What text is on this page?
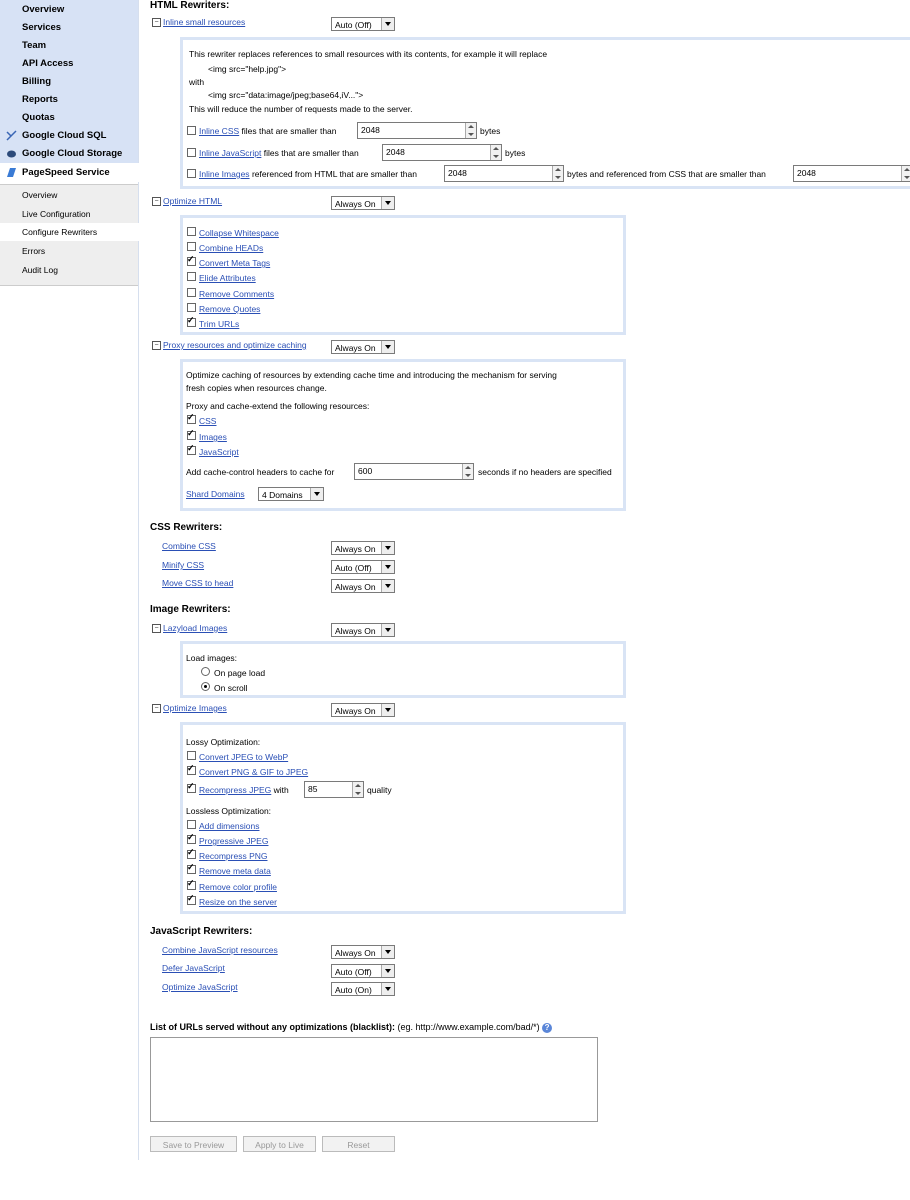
Overview
Services
Team
API Access
Billing
Reports
Quotas
Google Cloud SQL
Google Cloud Storage
PageSpeed Service
Overview
Live Configuration
Configure Rewriters
Errors
Audit Log
HTML Rewriters:
− Inline small resources	Auto (Off)
This rewriter replaces references to small resources with its contents, for example it will replace
<img src="help.jpg">
with
<img src="data:image/jpeg;base64,iV...">
This will reduce the number of requests made to the server.
Inline CSS files that are smaller than	2048	bytes
Inline JavaScript files that are smaller than	2048	bytes
Inline Images referenced from HTML that are smaller than	2048	bytes and referenced from CSS that are smaller than	2048
− Optimize HTML	Always On
Collapse Whitespace
Combine HEADs
✓
Convert Meta Tags
Elide Attributes
Remove Comments
Remove Quotes
✓
Trim URLs
− Proxy resources and optimize caching	Always On
Optimize caching of resources by extending cache time and introducing the mechanism for serving
fresh copies when resources change.
Proxy and cache-extend the following resources:
✓
CSS
✓
Images
✓
JavaScript
Add cache-control headers to cache for	600	seconds if no headers are specified
Shard Domains	4 Domains
CSS Rewriters:
Combine CSS	Always On
Minify CSS	Auto (Off)
Move CSS to head	Always On
Image Rewriters:
− Lazyload Images	Always On
Load images:
On page load
On scroll
− Optimize Images	Always On
Lossy Optimization:
Convert JPEG to WebP
✓
Convert PNG & GIF to JPEG
✓
Recompress JPEG with	85	quality
Lossless Optimization:
Add dimensions
✓
Progressive JPEG
✓
Recompress PNG
✓
Remove meta data
✓
Remove color profile
✓
Resize on the server
JavaScript Rewriters:
Combine JavaScript resources	Always On
Defer JavaScript	Auto (Off)
Optimize JavaScript	Auto (On)
List of URLs served without any optimizations (blacklist): (eg. http://www.example.com/bad/*) ?
Save to Preview	Apply to Live	Reset
